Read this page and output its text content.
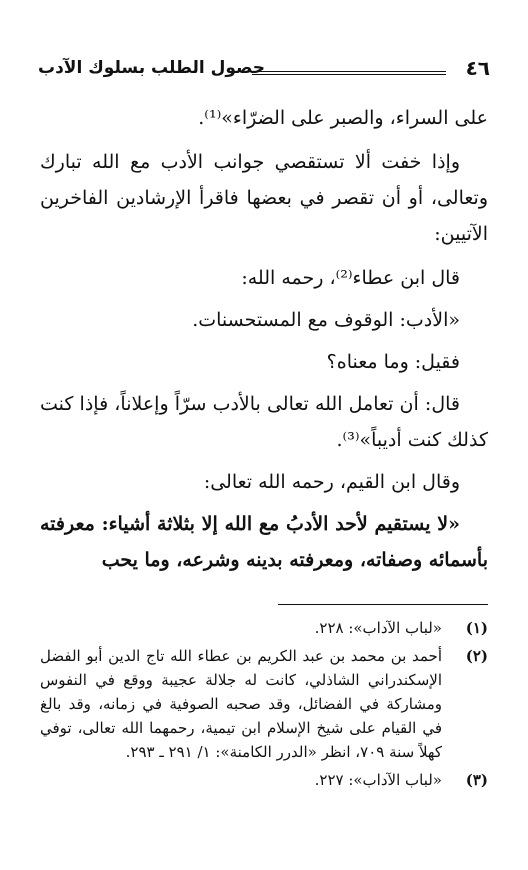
٤٦
حصول الطلب بسلوك الآدب

على السراء، والصبر على الضرّاء»⁽¹⁾.

وإذا خفت ألا تستقصي جوانب الأدب مع الله تبارك وتعالى، أو أن تقصر في بعضها فاقرأ الإرشادين الفاخرين الآتيين:

قال ابن عطاء⁽²⁾، رحمه الله:

«الأدب: الوقوف مع المستحسنات.

فقيل: وما معناه؟

قال: أن تعامل الله تعالى بالأدب سرّاً وإعلاناً، فإذا كنت كذلك كنت أديباً»⁽³⁾.

وقال ابن القيم، رحمه الله تعالى:

«لا يستقيم لأحد الأدبُ مع الله إلا بثلاثة أشياء: معرفته بأسمائه وصفاته، ومعرفته بدينه وشرعه، وما يحب

(١)
«لباب الآداب»: ٢٢٨.

(٢)
أحمد بن محمد بن عبد الكريم بن عطاء الله تاج الدين أبو الفضل الإسكندراني الشاذلي، كانت له جلالة عجيبة ووقع في النفوس ومشاركة في الفضائل، وقد صحبه الصوفية في زمانه، وقد بالغ في القيام على شيخ الإسلام ابن تيمية، رحمهما الله تعالى، توفي كهلاً سنة ٧٠٩، انظر «الدرر الكامنة»: ١/ ٢٩١ ـ ٢٩٣.

(٣)
«لباب الآداب»: ٢٢٧.
